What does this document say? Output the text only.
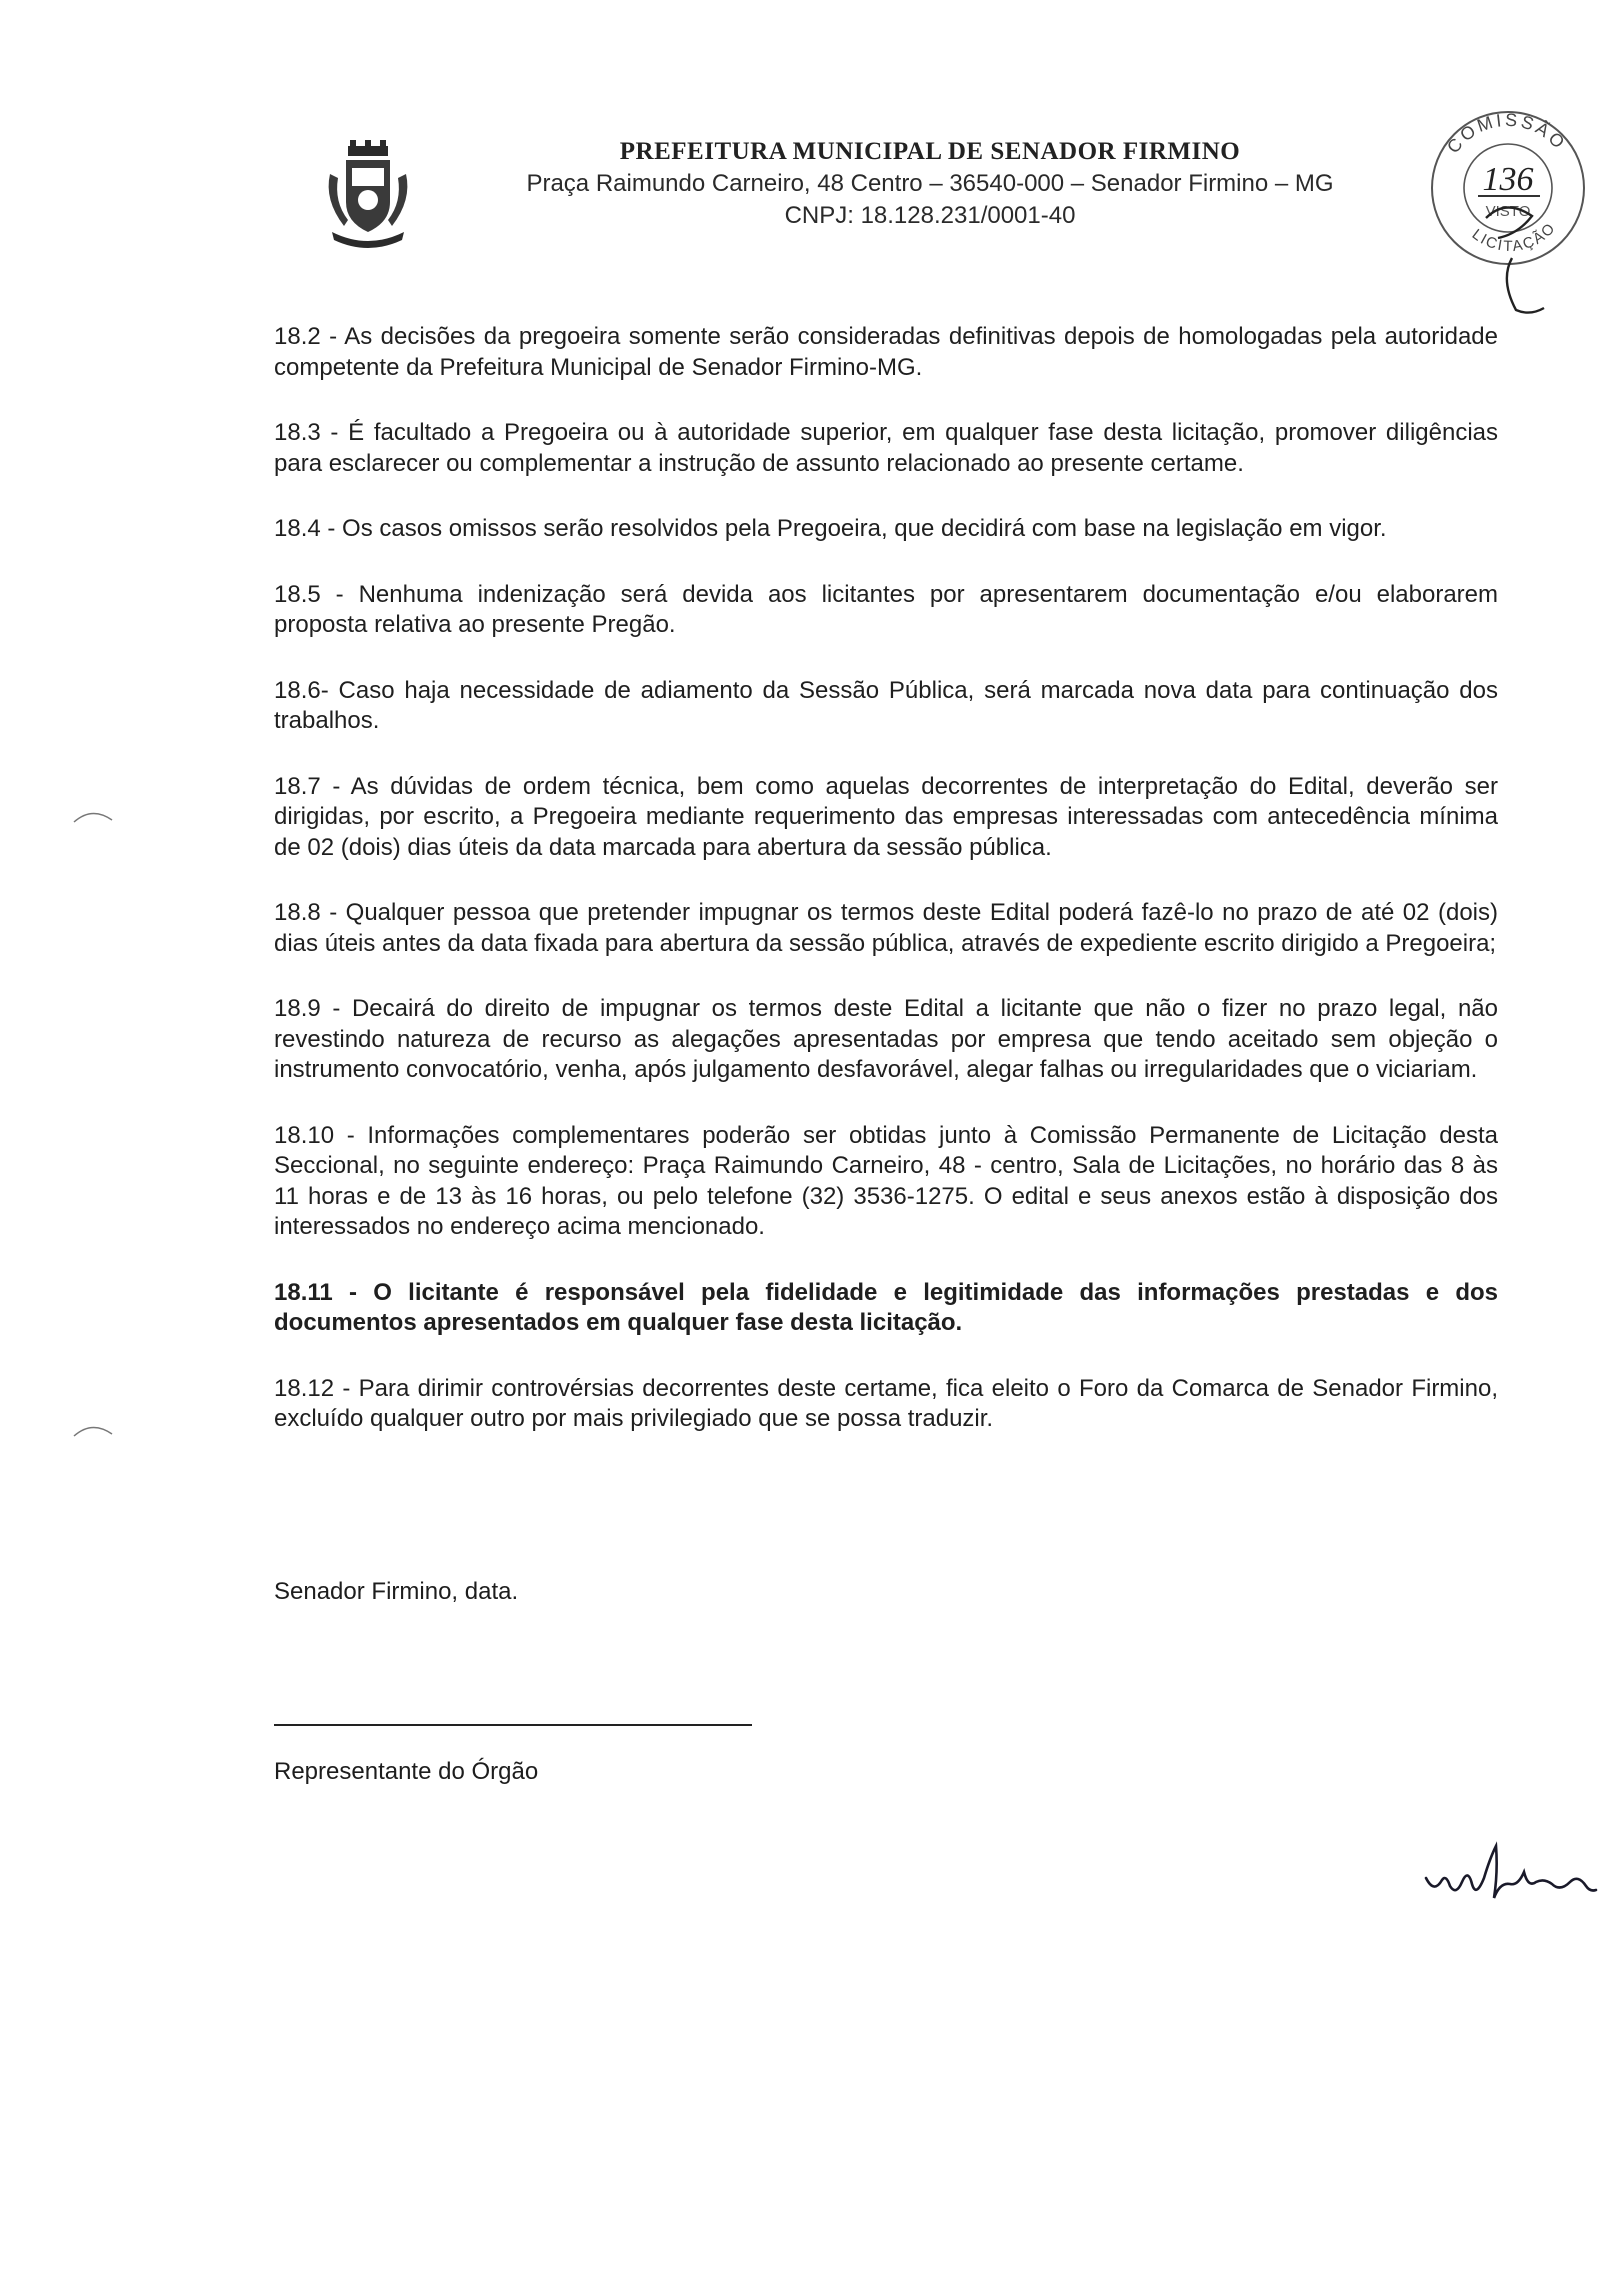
PREFEITURA MUNICIPAL DE SENADOR FIRMINO
Praça Raimundo Carneiro, 48 Centro – 36540-000 – Senador Firmino – MG
CNPJ: 18.128.231/0001-40
COMISSÃO
136
VISTO
LICITAÇÃO

18.2 - As decisões da pregoeira somente serão consideradas definitivas depois de homologadas pela autoridade competente da Prefeitura Municipal de Senador Firmino-MG.

18.3 - É facultado a Pregoeira ou à autoridade superior, em qualquer fase desta licitação, promover diligências para esclarecer ou complementar a instrução de assunto relacionado ao presente certame.

18.4 - Os casos omissos serão resolvidos pela Pregoeira, que decidirá com base na legislação em vigor.

18.5 - Nenhuma indenização será devida aos licitantes por apresentarem documentação e/ou elaborarem proposta relativa ao presente Pregão.

18.6- Caso haja necessidade de adiamento da Sessão Pública, será marcada nova data para continuação dos trabalhos.

18.7 - As dúvidas de ordem técnica, bem como aquelas decorrentes de interpretação do Edital, deverão ser dirigidas, por escrito, a Pregoeira mediante requerimento das empresas interessadas com antecedência mínima de 02 (dois) dias úteis da data marcada para abertura da sessão pública.

18.8 - Qualquer pessoa que pretender impugnar os termos deste Edital poderá fazê-lo no prazo de até 02 (dois) dias úteis antes da data fixada para abertura da sessão pública, através de expediente escrito dirigido a Pregoeira;

18.9 - Decairá do direito de impugnar os termos deste Edital a licitante que não o fizer no prazo legal, não revestindo natureza de recurso as alegações apresentadas por empresa que tendo aceitado sem objeção o instrumento convocatório, venha, após julgamento desfavorável, alegar falhas ou irregularidades que o viciariam.

18.10 - Informações complementares poderão ser obtidas junto à Comissão Permanente de Licitação desta Seccional, no seguinte endereço: Praça Raimundo Carneiro, 48 - centro, Sala de Licitações, no horário das 8 às 11 horas e de 13 às 16 horas, ou pelo telefone (32) 3536-1275. O edital e seus anexos estão à disposição dos interessados no endereço acima mencionado.

18.11 - O licitante é responsável pela fidelidade e legitimidade das informações prestadas e dos documentos apresentados em qualquer fase desta licitação.

18.12 - Para dirimir controvérsias decorrentes deste certame, fica eleito o Foro da Comarca de Senador Firmino, excluído qualquer outro por mais privilegiado que se possa traduzir.

Senador Firmino, data.
Representante do Órgão
